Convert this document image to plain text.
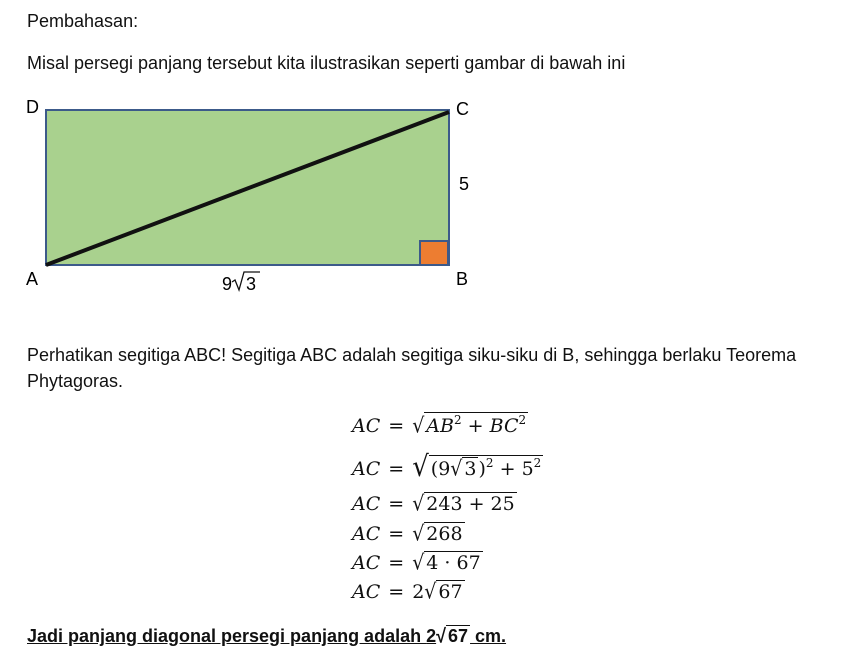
Pembahasan:
Misal persegi panjang tersebut kita ilustrasikan seperti gambar di bawah ini
D	C
A	B
5
9 3
Perhatikan segitiga ABC! Segitiga ABC adalah segitiga siku-siku di B, sehingga berlaku Teorema Phytagoras.
AC = √ $AB^2 + BC^2$
AC = √ (9√ 3 )$^2 + 5^2$
AC = √ 243 + 25
AC = √ 268
AC = √ 4 · 67
AC = 2√ 67
Jadi panjang diagonal persegi panjang adalah 2√ 67 cm.
